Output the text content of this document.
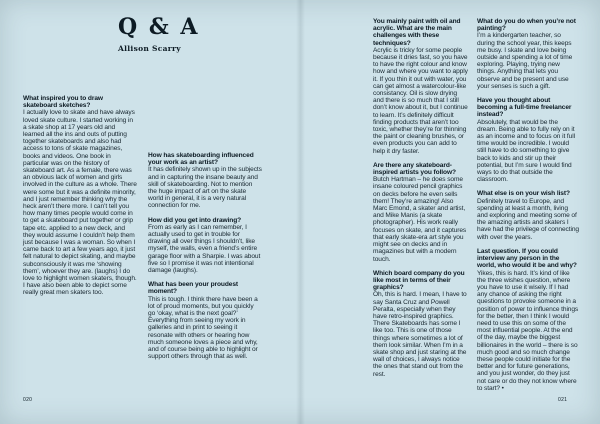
Q & A
Allison Scarry
What inspired you to draw skateboard sketches?
I actually love to skate and have always loved skate culture. I started working in a skate shop at 17 years old and learned all the ins and outs of putting together skateboards and also had access to tons of skate magazines, books and videos. One book in particular was on the history of skateboard art. As a female, there was an obvious lack of women and girls involved in the culture as a whole. There were some but it was a definite minority, and I just remember thinking why the heck aren’t there more. I can’t tell you how many times people would come in to get a skateboard put together or grip tape etc. applied to a new deck, and they would assume I couldn’t help them just because I was a woman. So when I came back to art a few years ago, it just felt natural to depict skating, and maybe subconsciously it was me ‘showing them’, whoever they are. (laughs) I do love to highlight women skaters, though. I have also been able to depict some really great men skaters too.
How has skateboarding influenced your work as an artist?
It has definitely shown up in the subjects and in capturing the insane beauty and skill of skateboarding. Not to mention the huge impact of art on the skate world in general, it is a very natural connection for me.
How did you get into drawing?
From as early as I can remember, I actually used to get in trouble for drawing all over things I shouldn’t, like myself, the walls, even a friend’s entire garage floor with a Sharpie. I was about five so I promise it was not intentional damage (laughs).
What has been your proudest moment?
This is tough. I think there have been a lot of proud moments, but you quickly go ‘okay, what is the next goal?’ Everything from seeing my work in galleries and in print to seeing it resonate with others or hearing how much someone loves a piece and why, and of course being able to highlight or support others through that as well.
You mainly paint with oil and acrylic. What are the main challenges with these techniques?
Acrylic is tricky for some people because it dries fast, so you have to have the right colour and know how and where you want to apply it. If you thin it out with water, you can get almost a watercolour-like consistancy. Oil is slow drying and there is so much that I still don’t know about it, but I continue to learn. It’s definitely difficult finding products that aren’t too toxic, whether they’re for thinning the paint or cleaning brushes, or even products you can add to help it dry faster.
Are there any skateboard-inspired artists you follow?
Butch Hartman – he does some insane coloured pencil graphics on decks before he even sells them! They’re amazing! Also Marc Emond, a skater and artist, and Mike Manis (a skate photographer). His work really focuses on skate, and it captures that early skate-era art style you might see on decks and in magazines but with a modern touch.
Which board company do you like most in terms of their graphics?
Oh, this is hard. I mean, I have to say Santa Cruz and Powell Peralta, especially when they have retro-inspired graphics. There Skateboards has some I like too. This is one of those things where sometimes a lot of them look similar. When I’m in a skate shop and just staring at the wall of choices, I always notice the ones that stand out from the rest.
What do you do when you’re not painting?
I’m a kindergarten teacher, so during the school year, this keeps me busy. I skate and love being outside and spending a lot of time exploring. Playing, trying new things. Anything that lets you observe and be present and use your senses is such a gift.
Have you thought about becoming a full-time freelancer instead?
Absolutely, that would be the dream. Being able to fully rely on it as an income and to focus on it full time would be incredible. I would still have to do something to give back to kids and stir up their potential, but I’m sure I would find ways to do that outside the classroom.
What else is on your wish list?
Definitely travel to Europe, and spending at least a month, living and exploring and meeting some of the amazing artists and skaters I have had the privilege of connecting with over the years.
Last question. If you could interview any person in the world, who would it be and why?
Yikes, this is hard. It’s kind of like the three wishes question, where you have to use it wisely. If I had any chance of asking the right questions to provoke someone in a position of power to influence things for the better, then I think I would need to use this on some of the most influential people. At the end of the day, maybe the biggest billionaires in the world – there is so much good and so much change these people could initiate for the better and for future generations, and you just wonder, do they just not care or do they not know where to start? •
020	021
